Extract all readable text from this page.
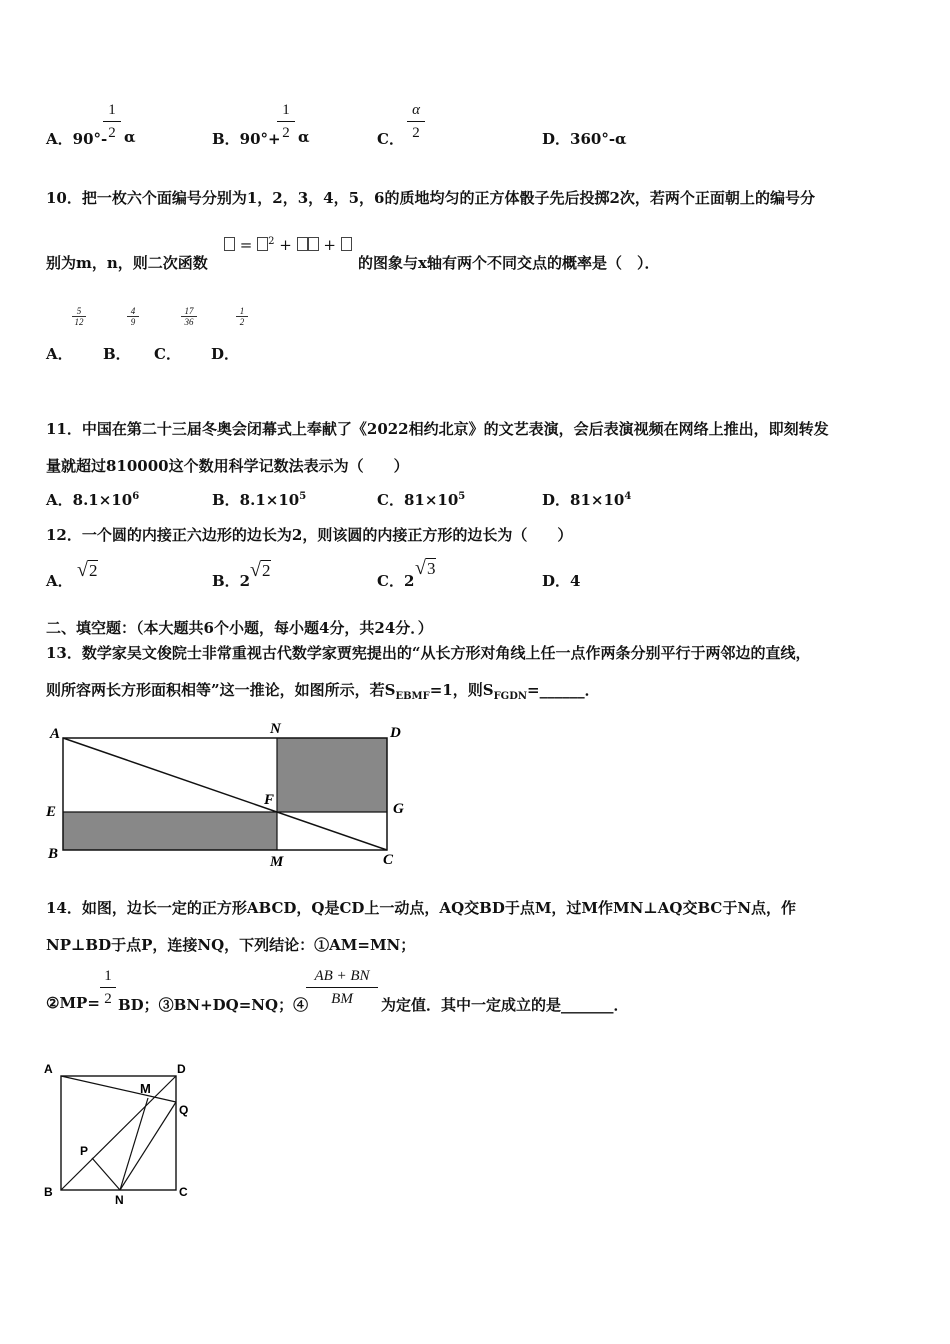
A．90°-
1
2 α	B．90°+
1
2 α	C．
α
2	D．360°-α
10．把一枚六个面编号分别为1，2，3，4，5，6的质地均匀的正方体骰子先后投掷2次，若两个正面朝上的编号分
别为m，n，则二次函数
= $^2$ +  +
的图象与x轴有两个不同交点的概率是（　）．
5
12
4
9
17
36
1
2
A． B． C． D．
11．中国在第二十三届冬奥会闭幕式上奉献了《2022相约北京》的文艺表演，会后表演视频在网络上推出，即刻转发
量就超过810000这个数用科学记数法表示为（　　）
A．$8.1\times 10^6$	B．$8.1\times 10^5$	C．$81\times 10^5$	D．$81\times 10^4$
12．一个圆的内接正六边形的边长为2，则该圆的内接正方形的边长为（　　）
A． √2
B．2 √2
C．2
√3
D．4
二、填空题：（本大题共6个小题，每小题4分，共24分．）
13．数学家吴文俊院士非常重视古代数学家贾宪提出的“从长方形对角线上任一点作两条分别平行于两邻边的直线，
则所容两长方形面积相等”这一推论，如图所示，若$S_{EBMF}=1$，则$S_{FGDN}=\_\_\_\_\_\_$．
A	N	D
E
F
G
B	M	C
14．如图，边长一定的正方形ABCD，Q是CD上一动点，AQ交BD于点M，过M作MN⊥AQ交BC于N点，作
NP⊥BD于点P，连接NQ，下列结论：①AM=MN；
②MP=
1
2 BD；③BN+DQ=NQ；④
AB + BN
BM	为定值．其中一定成立的是_______．
A	D
M
Q
P
B
N
C
